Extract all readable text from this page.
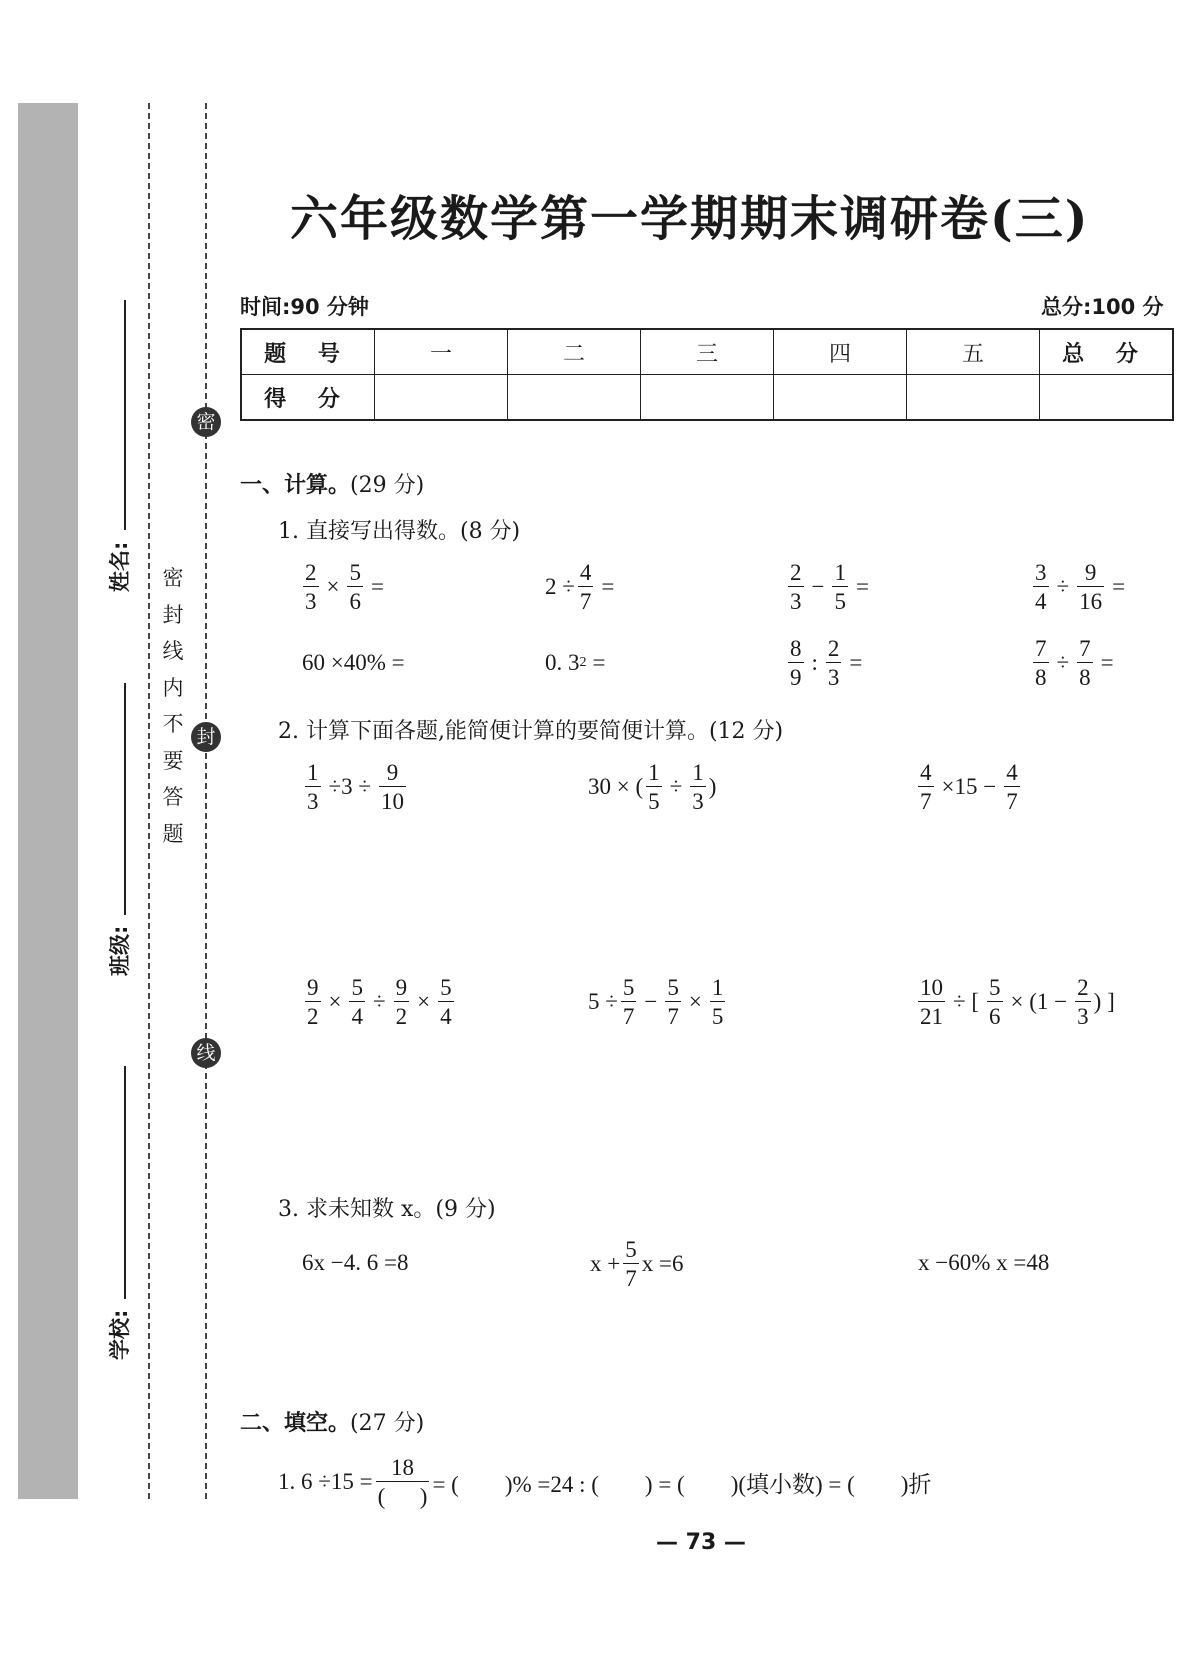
密
封
线
密封线内不要答题
姓名:
班级:
学校:
六年级数学第一学期期末调研卷(三)
时间:90 分钟	总分:100 分
题 号	一	二	三	四	五	总 分
得 分						
一、计算。(29 分)
1. 直接写出得数。(8 分)
$\frac{2}{3} \times \frac{5}{6}$ =	$2 \div \frac{4}{7}$ =	$\frac{2}{3} - \frac{1}{5}$ =	$\frac{3}{4} \div \frac{9}{16}$ =
60 ×40% =	0. 3 2 =	$\frac{8}{9}$ : $\frac{2}{3}$ =	$\frac{7}{8} \div \frac{7}{8}$ =
2. 计算下面各题,能简便计算的要简便计算。(12 分)
$\frac{1}{3} \div 3 \div \frac{9}{10}$	30 × ( $\frac{1}{5} \div \frac{1}{3}$ )	$\frac{4}{7} \times 15 - \frac{4}{7}$
$\frac{9}{2} \times \frac{5}{4} \div \frac{9}{2} \times \frac{5}{4}$	$5 \div \frac{5}{7} - \frac{5}{7} \times \frac{1}{5}$	$\frac{10}{21}$ ÷ [ $\frac{5}{6} \times (1 - \frac{2}{3}$ ) ]
3. 求未知数 x。(9 分)
6x −4. 6 =8	$x + \frac{5}{7}$ x =6	x −60% x =48
二、填空。(27 分)
1. $6 \div 15 = \frac{18}{( )}$ = (        )% =24 : (        ) = (        )(填小数) = (        )折
— 73 —
